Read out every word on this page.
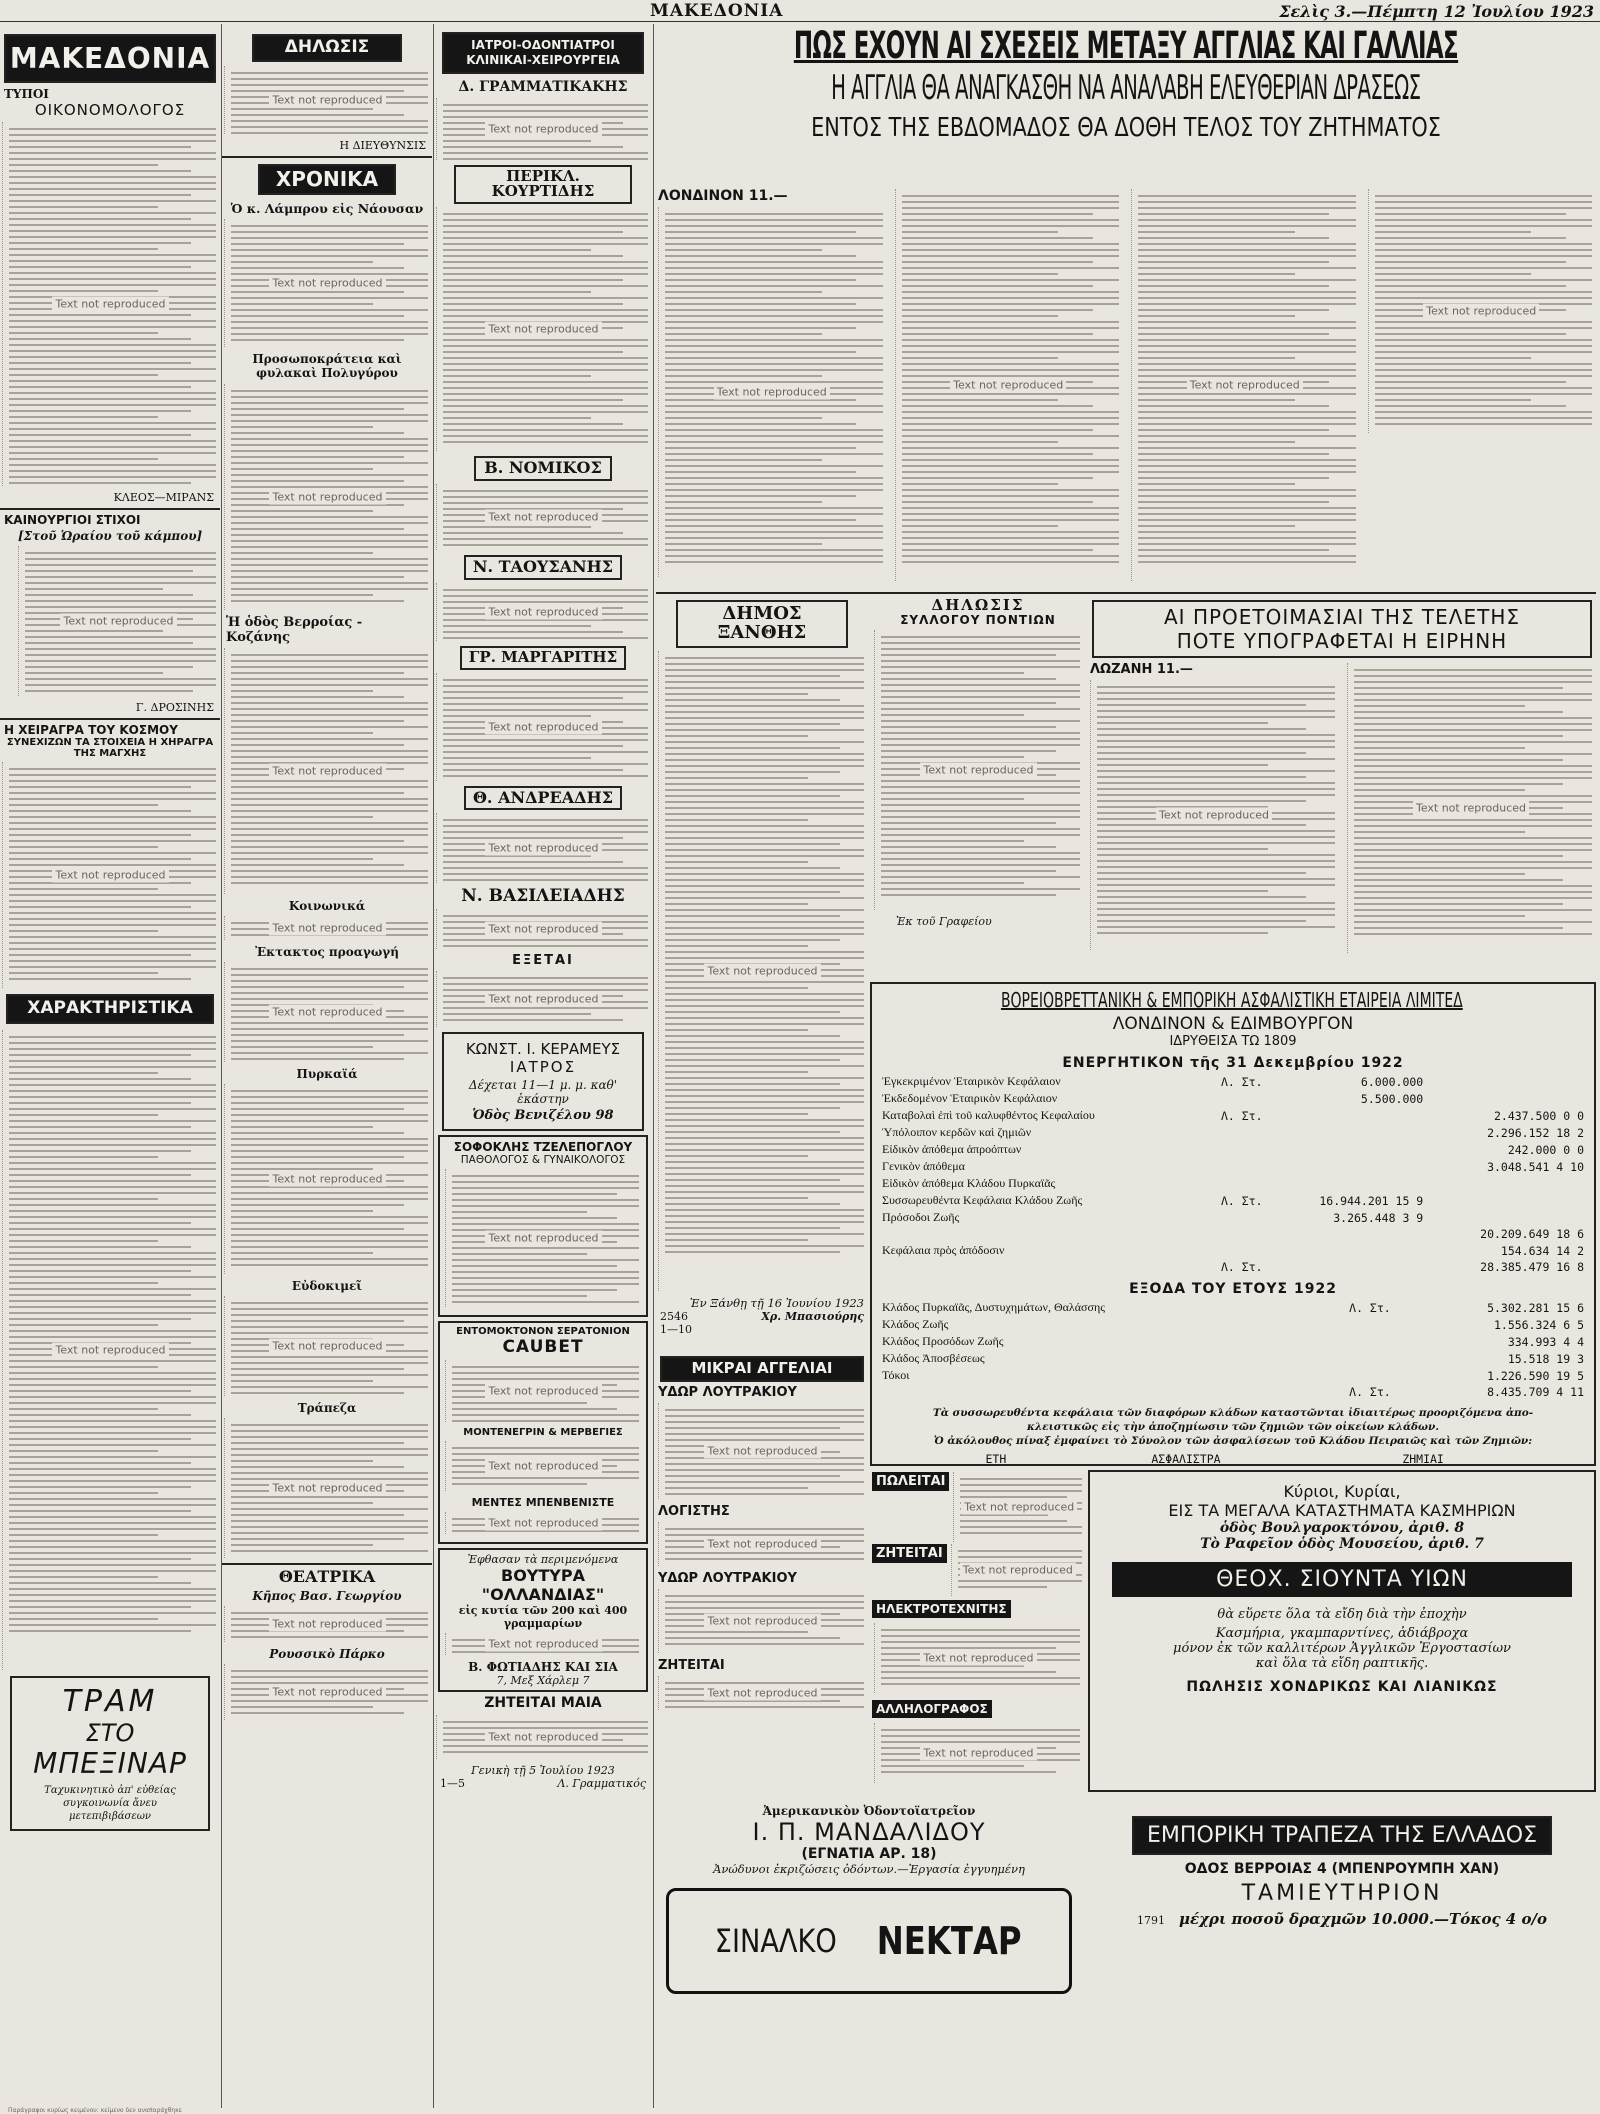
ΜΑΚΕΔΟΝΙΑ	Σελὶς 3.—Πέμπτη 12 Ἰουλίου 1923
Παράγραφοι κυρίως κειμένου: κείμενο δεν αναπαράχθηκε
ΜΑΚΕΔΟΝΙΑ
ΤΥΠΟΙ
ΟΙΚΟΝΟΜΟΛΟΓΟΣ
Text not reproduced
ΚΛΕΟΣ—ΜΙΡΑΝΣ
ΚΑΙΝΟΥΡΓΙΟΙ ΣΤΙΧΟΙ
[Στοῦ Ὡραίου τοῦ κάμπου]
Text not reproduced
Γ. ΔΡΟΣΙΝΗΣ
Η ΧΕΙΡΑΓΡΑ ΤΟΥ ΚΟΣΜΟΥ
ΣΥΝΕΧΙΖΩΝ ΤΑ ΣΤΟΙΧΕΙΑ Η ΧΗΡΑΓΡΑ ΤΗΣ ΜΑΓΧΗΣ
Text not reproduced
ΧΑΡΑΚΤΗΡΙΣΤΙΚΑ
Text not reproduced
ΤΡΑΜ
ΣΤΟ
ΜΠΕΞΙΝΑΡ
Ταχυκινητικὸ ἀπ' εὐθείας συγκοινωνία ἄνευ μετεπιβιβάσεων
ΔΗΛΩΣΙΣ
Text not reproduced
Η ΔΙΕΥΘΥΝΣΙΣ
ΧΡΟΝΙΚΑ
Ὁ κ. Λάμπρου εἰς Νάουσαν
Text not reproduced
Προσωποκράτεια καὶ φυλακαὶ Πολυγύρου
Text not reproduced
Ἡ ὁδὸς Βερροίας - Κοζάνης
Text not reproduced
Κοινωνικά
Text not reproduced
Ἐκτακτος προαγωγή
Text not reproduced
Πυρκαϊά
Text not reproduced
Εὐδοκιμεῖ
Text not reproduced
Τράπεζα
Text not reproduced
ΘΕΑΤΡΙΚΑ
Κῆπος Βασ. Γεωργίου
Text not reproduced
Ρουσσικὸ Πάρκο
Text not reproduced
ΙΑΤΡΟΙ-ΟΔΟΝΤΙΑΤΡΟΙ ΚΛΙΝΙΚΑΙ-ΧΕΙΡΟΥΡΓΕΙΑ
Δ. ΓΡΑΜΜΑΤΙΚΑΚΗΣ
Text not reproduced
ΠΕΡΙΚΛ. ΚΟΥΡΤΙΔΗΣ
Text not reproduced
Β. ΝΟΜΙΚΟΣ
Text not reproduced
Ν. ΤΑΟΥΣΑΝΗΣ
Text not reproduced
ΓΡ. ΜΑΡΓΑΡΙΤΗΣ
Text not reproduced
Θ. ΑΝΔΡΕΑΔΗΣ
Text not reproduced
Ν. ΒΑΣΙΛΕΙΑΔΗΣ
Text not reproduced
ΕΞΕΤΑΙ
Text not reproduced
ΚΩΝΣΤ. Ι. ΚΕΡΑΜΕΥΣ
ΙΑΤΡΟΣ
Δέχεται 11—1 μ. μ. καθ' ἑκάστην
Ὁδὸς Βενιζέλου 98
ΣΟΦΟΚΛΗΣ ΤΖΕΛΕΠΟΓΛΟΥ
ΠΑΘΟΛΟΓΟΣ & ΓΥΝΑΙΚΟΛΟΓΟΣ
Text not reproduced
ΕΝΤΟΜΟΚΤΟΝΟΝ ΣΕΡΑΤΟΝΙΟΝ
CAUBET
Text not reproduced
ΜΟΝΤΕΝΕΓΡΙΝ & ΜΕΡΒΕΓΙΕΣ
Text not reproduced
ΜΕΝΤΕΣ ΜΠΕΝΒΕΝΙΣΤΕ
Text not reproduced
Ἐφθασαν τὰ περιμενόμενα
ΒΟΥΤΥΡΑ "ΟΛΛΑΝΔΙΑΣ"
εἰς κυτία τῶν 200 καὶ 400 γραμμαρίων
Text not reproduced
Β. ΦΩΤΙΑΔΗΣ ΚΑΙ ΣΙΑ
7, Μεξ Χάρλεμ 7
ΖΗΤΕΙΤΑΙ ΜΑΙΑ
Text not reproduced
Γενικὴ τῇ 5 Ἰουλίου 1923
1—5	Λ. Γραμματικός
ΠΩΣ ΕΧΟΥΝ ΑΙ ΣΧΕΣΕΙΣ ΜΕΤΑΞΥ ΑΓΓΛΙΑΣ ΚΑΙ ΓΑΛΛΙΑΣ
Η ΑΓΓΛΙΑ ΘΑ ΑΝΑΓΚΑΣΘΗ ΝΑ ΑΝΑΛΑΒΗ ΕΛΕΥΘΕΡΙΑΝ ΔΡΑΣΕΩΣ
ΕΝΤΟΣ ΤΗΣ ΕΒΔΟΜΑΔΟΣ ΘΑ ΔΟΘΗ ΤΕΛΟΣ ΤΟΥ ΖΗΤΗΜΑΤΟΣ
ΛΟΝΔΙΝΟΝ 11.—
Text not reproduced
Text not reproduced	Text not reproduced
Text not reproduced
ΔΗΜΟΣ ΞΑΝΘΗΣ
Text not reproduced
Ἐν Ξάνθῃ τῇ 16 Ἰουνίου 1923
2546	Χρ. Μπασιούρης
1—10
ΔΗΛΩΣΙΣ
ΣΥΛΛΟΓΟΥ ΠΟΝΤΙΩΝ
Text not reproduced
Ἐκ τοῦ Γραφείου
ΑΙ ΠΡΟΕΤΟΙΜΑΣΙΑΙ ΤΗΣ ΤΕΛΕΤΗΣ
ΠΟΤΕ ΥΠΟΓΡΑΦΕΤΑΙ Η ΕΙΡΗΝΗ
ΛΩΖΑΝΗ 11.—
Text not reproduced
Text not reproduced
ΒΟΡΕΙΟΒΡΕΤΤΑΝΙΚΗ & ΕΜΠΟΡΙΚΗ ΑΣΦΑΛΙΣΤΙΚΗ ΕΤΑΙΡΕΙΑ ΛΙΜΙΤΕΔ
ΛΟΝΔΙΝΟΝ & ΕΔΙΜΒΟΥΡΓΟΝ
ΙΔΡΥΘΕΙΣΑ ΤΩ 1809
ΕΝΕΡΓΗΤΙΚΟΝ τῆς 31 Δεκεμβρίου 1922
Ἐγκεκριμένον Ἑταιρικὸν Κεφάλαιον	Λ. Στ.	6.000.000	
Ἐκδεδομένον Ἑταιρικὸν Κεφάλαιον		5.500.000	
Καταβολαὶ ἐπὶ τοῦ καλυφθέντος Κεφαλαίου	Λ. Στ.		2.437.500 0 0
Ὑπόλοιπον κερδῶν καὶ ζημιῶν			2.296.152 18 2
Εἰδικὸν ἀπόθεμα ἀπροόπτων			242.000 0 0
Γενικὸν ἀπόθεμα			3.048.541 4 10
Εἰδικὸν ἀπόθεμα Κλάδου Πυρκαϊᾶς			
Συσσωρευθέντα Κεφάλαια Κλάδου Ζωῆς	Λ. Στ.	16.944.201 15 9	
Πρόσοδοι Ζωῆς		3.265.448 3 9	
			20.209.649 18 6
Κεφάλαια πρὸς ἀπόδοσιν			154.634 14 2
	Λ. Στ.		28.385.479 16 8
ΕΞΟΔΑ ΤΟΥ ΕΤΟΥΣ 1922
Κλάδος Πυρκαϊᾶς, Δυστυχημάτων, Θαλάσσης	Λ. Στ.	5.302.281 15 6
Κλάδος Ζωῆς		1.556.324 6 5
Κλάδος Προσόδων Ζωῆς		334.993 4 4
Κλάδος Ἀποσβέσεως		15.518 19 3
Τόκοι		1.226.590 19 5
	Λ. Στ.	8.435.709 4 11
Τὰ συσσωρευθέντα κεφάλαια τῶν διαφόρων κλάδων καταστῶνται ἰδιαιτέρως προοριζόμενα ἀπο-
κλειστικῶς εἰς τὴν ἀποζημίωσιν τῶν ζημιῶν τῶν οἰκείων κλάδων.
Ὁ ἀκόλουθος πίναξ ἐμφαίνει τὸ Σύνολον τῶν ἀσφαλίσεων τοῦ Κλάδου Πειραιῶς καὶ τῶν Ζημιῶν:
ΕΤΗ	ΑΣΦΑΛΙΣΤΡΑ	ΖΗΜΙΑΙ

ΜΙΚΡΑΙ ΑΓΓΕΛΙΑΙ
ΥΔΩΡ ΛΟΥΤΡΑΚΙΟΥ
Text not reproduced
ΛΟΓΙΣΤΗΣ
Text not reproduced
ΥΔΩΡ ΛΟΥΤΡΑΚΙΟΥ
Text not reproduced
ΖΗΤΕΙΤΑΙ
Text not reproduced
ΠΩΛΕΙΤΑΙ
Text not reproduced
ΖΗΤΕΙΤΑΙ
Text not reproduced
ΗΛΕΚΤΡΟΤΕΧΝΙΤΗΣ
Text not reproduced
ΑΛΛΗΛΟΓΡΑΦΟΣ
Text not reproduced
Κύριοι, Κυρίαι,
ΕΙΣ ΤΑ ΜΕΓΑΛΑ ΚΑΤΑΣΤΗΜΑΤΑ ΚΑΣΜΗΡΙΩΝ
ὁδὸς Βουλγαροκτόνου, ἀριθ. 8
Τὸ Ραφεῖον ὁδὸς Μουσείου, ἀριθ. 7
ΘΕΟΧ. ΣΙΟΥΝΤΑ ΥΙΩΝ
θὰ εὕρετε ὅλα τὰ εἴδη διὰ τὴν ἐποχὴν
Κασμήρια, γκαμπαρντίνες, ἀδιάβροχα
μόνον ἐκ τῶν καλλιτέρων Ἀγγλικῶν Ἐργοστασίων
καὶ ὅλα τὰ εἴδη ραπτικῆς.
ΠΩΛΗΣΙΣ ΧΟΝΔΡΙΚΩΣ ΚΑΙ ΛΙΑΝΙΚΩΣ
Ἀμερικανικὸν Ὀδοντοϊατρεῖον
Ι. Π. ΜΑΝΔΑΛΙΔΟΥ
(ΕΓΝΑΤΙΑ ΑΡ. 18)
Ἀνώδυνοι ἐκριζώσεις ὀδόντων.—Ἐργασία ἐγγυημένη
ΣΙΝΑΛΚΟ ΝΕΚΤΑΡ
ΕΜΠΟΡΙΚΗ ΤΡΑΠΕΖΑ ΤΗΣ ΕΛΛΑΔΟΣ
ΟΔΟΣ ΒΕΡΡΟΙΑΣ 4 (ΜΠΕΝΡΟΥΜΠΗ ΧΑΝ)
ΤΑΜΙΕΥΤΗΡΙΟΝ
1791 μέχρι ποσοῦ δραχμῶν 10.000.—Τόκος 4 ο/ο
